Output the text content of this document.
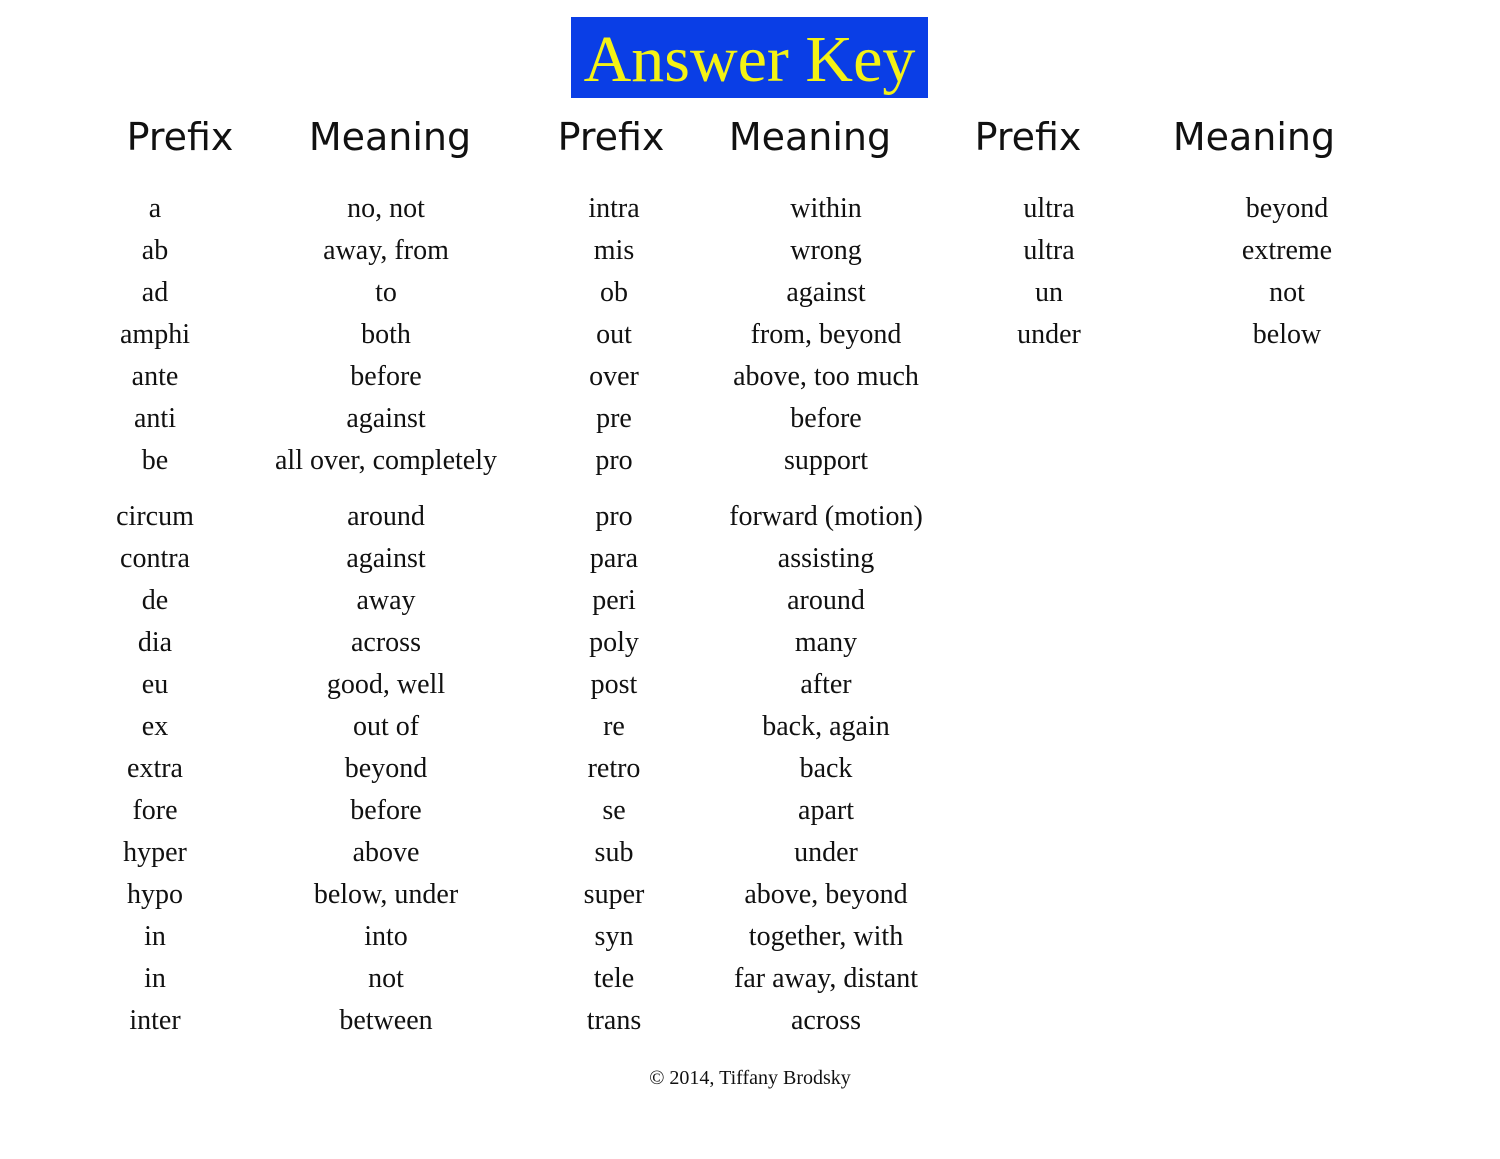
Answer Key
Prefix Meaning Prefix Meaning Prefix Meaning
a
ab
ad
amphi
ante
anti
be
circum
contra
de
dia
eu
ex
extra
fore
hyper
hypo
in
in
inter
no, not
away, from
to
both
before
against
all over, completely
around
against
away
across
good, well
out of
beyond
before
above
below, under
into
not
between
intra
mis
ob
out
over
pre
pro
pro
para
peri
poly
post
re
retro
se
sub
super
syn
tele
trans
within
wrong
against
from, beyond
above, too much
before
support
forward (motion)
assisting
around
many
after
back, again
back
apart
under
above, beyond
together, with
far away, distant
across
ultra
ultra
un
under
beyond
extreme
not
below
© 2014, Tiffany Brodsky
